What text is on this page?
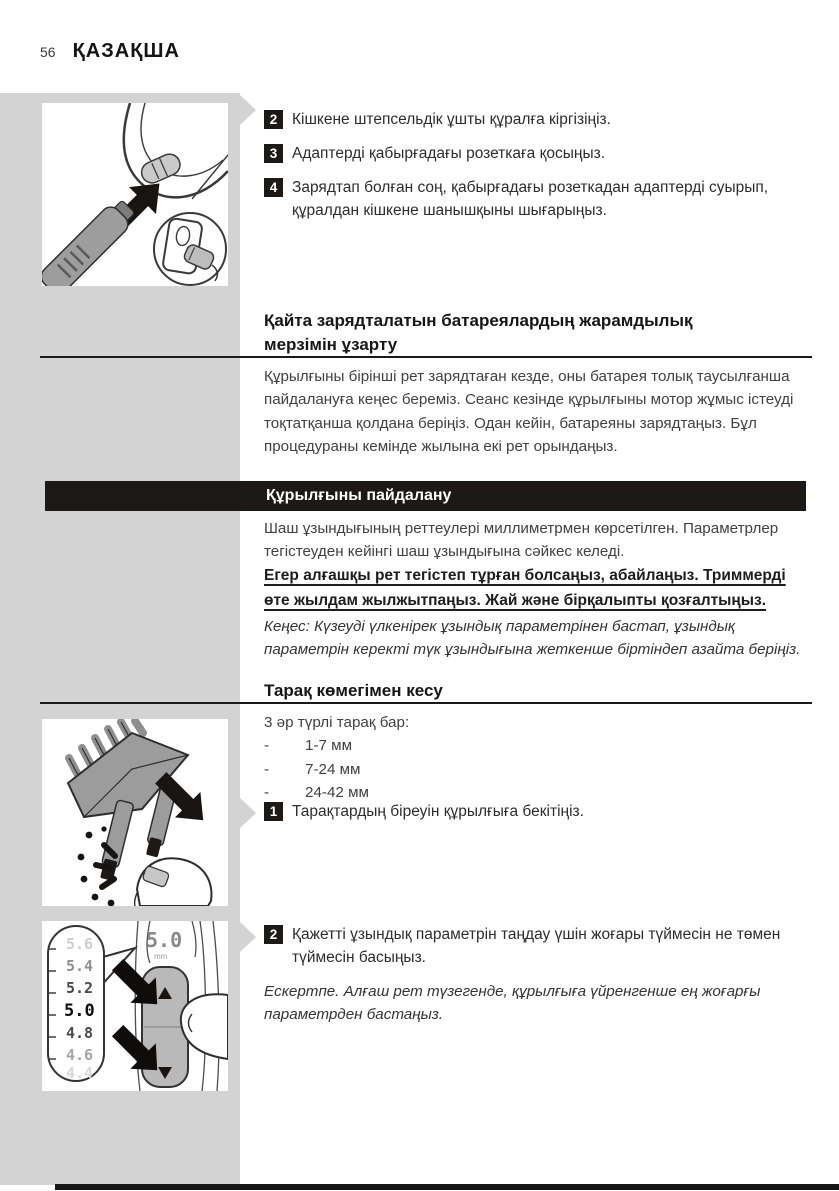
56 ҚАЗАҚША
5.6
5.4
5.2
5.0
4.8
4.6
4.4
5.0
mm
2 Кішкене штепсельдік ұшты құралға кіргізіңіз.
3 Адаптерді қабырғадағы розеткаға қосыңыз.
4 Зарядтап болған соң, қабырғадағы розеткадан адаптерді суырып, құралдан кішкене шанышқыны шығарыңыз.
Қайта зарядталатын батареялардың жарамдылық мерзімін ұзарту
Құрылғыны бірінші рет зарядтаған кезде, оны батарея толық таусылғанша пайдалануға кеңес береміз. Сеанс кезінде құрылғыны мотор жұмыс істеуді тоқтатқанша қолдана беріңіз. Одан кейін, батареяны зарядтаңыз. Бұл процедураны кемінде жылына екі рет орындаңыз.
Құрылғыны пайдалану
Шаш ұзындығының реттеулері миллиметрмен көрсетілген. Параметрлер тегістеуден кейінгі шаш ұзындығына сәйкес келеді.
Егер алғашқы рет тегістеп тұрған болсаңыз, абайлаңыз. Триммерді өте жылдам жылжытпаңыз. Жай және бірқалыпты қозғалтыңыз.
Кеңес: Күзеуді үлкенірек ұзындық параметрінен бастап, ұзындық параметрін керекті түк ұзындығына жеткенше біртіндеп азайта беріңіз.
Тарақ көмегімен кесу
3 әр түрлі тарақ бар:
-	1-7 мм
-	7-24 мм
-	24-42 мм
1 Тарақтардың біреуін құрылғыға бекітіңіз.
2 Қажетті ұзындық параметрін таңдау үшін жоғары түймесін не төмен түймесін басыңыз.
Ескертпе. Алғаш рет түзегенде, құрылғыға үйренгенше ең жоғарғы параметрден бастаңыз.
